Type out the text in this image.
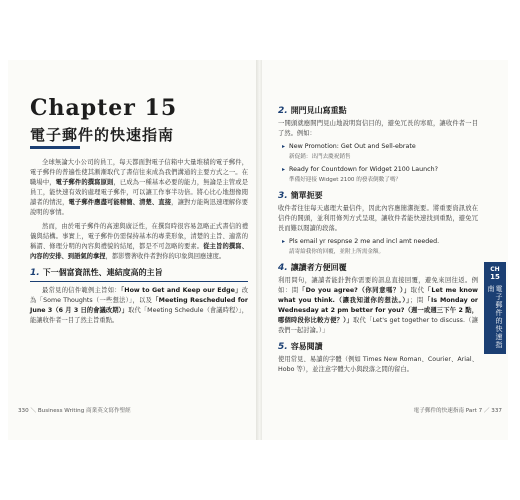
Chapter 15
電子郵件的快速指南

全球無論大小公司的員工，每天都面對電子信箱中大量堆積的電子郵件，電子郵件的普遍性使其漸漸取代了書信往來成為我們溝通的主要方式之一。在職場中，電子郵件的撰寫原則，已成為一種基本必要的能力，無論是主管或是員工，能快速有效的處理電子郵件，可以讓工作事半功倍。將心比心地想像閱讀者的情況，電子郵件應盡可能精簡、清楚、直接，讓對方能夠迅速理解你要說明的事情。

然而，由於電子郵件的高速與廣泛性，在撰寫時很容易忽略正式書信的禮儀與結構。事實上，電子郵件仍需保持基本的專業形象，清楚的主旨、適當的稱謂、條理分明的內容與禮貌的結尾，都是不可忽略的要素。從主旨的撰寫、內容的安排、到語氣的拿捏，都影響著收件者對你的印象與回應速度。

1. 下一個富資訊性、連結度高的主旨

最常見的信件範例主旨如：「How to Get and Keep our Edge」改為「Some Thoughts（一些想法）」，以及「Meeting Rescheduled for June 3（6 月 3 日的會議改期）」取代「Meeting Schedule（會議時程）」，能讓收件者一目了然主旨重點。

330 ＼ Business Writing 商業英文寫作聖經
2. 開門見山寫重點

一開頭就應開門見山地說明寫信目的，避免冗長的寒暄，讓收件者一目了然。例如：

▸ New Promotion: Get Out and Sell-ebrate
新促銷：出門去慶祝銷售
▸ Ready for Countdown for Widget 2100 Launch?
準備好迎接 Widget 2100 的發表倒數了嗎？
3. 簡單扼要

收件者往往每天處理大量信件，因此內容應簡潔扼要。將重要資訊放在信件的開頭，並利用條列方式呈現，讓收件者能快速找到重點，避免冗長而難以閱讀的段落。

▸ Pls email yr respnse 2 me and incl amt needed.
請寄給我你的回覆，並附上所需金額。
4. 讓讀者方便回覆

利用問句，讓讀者能針對你需要的訊息直接回覆，避免來回往返。例如：問「Do you agree?（你同意嗎？）」取代「Let me know what you think.（讓我知道你的想法。）」；問「Is Monday or Wednesday at 2 pm better for you?（週一或週三下午 2 點，哪個時段你比較方便？）」取代「Let's get together to discuss.（讓我們一起討論。）」

5. 容易閱讀

使用常見、易讀的字體（例如 Times New Roman、Courier、Arial、Hobo 等），並注意字體大小與段落之間的留白。

CH
15
電子郵件的快速指南
電子郵件的快速指南 Part 7 ／ 337
